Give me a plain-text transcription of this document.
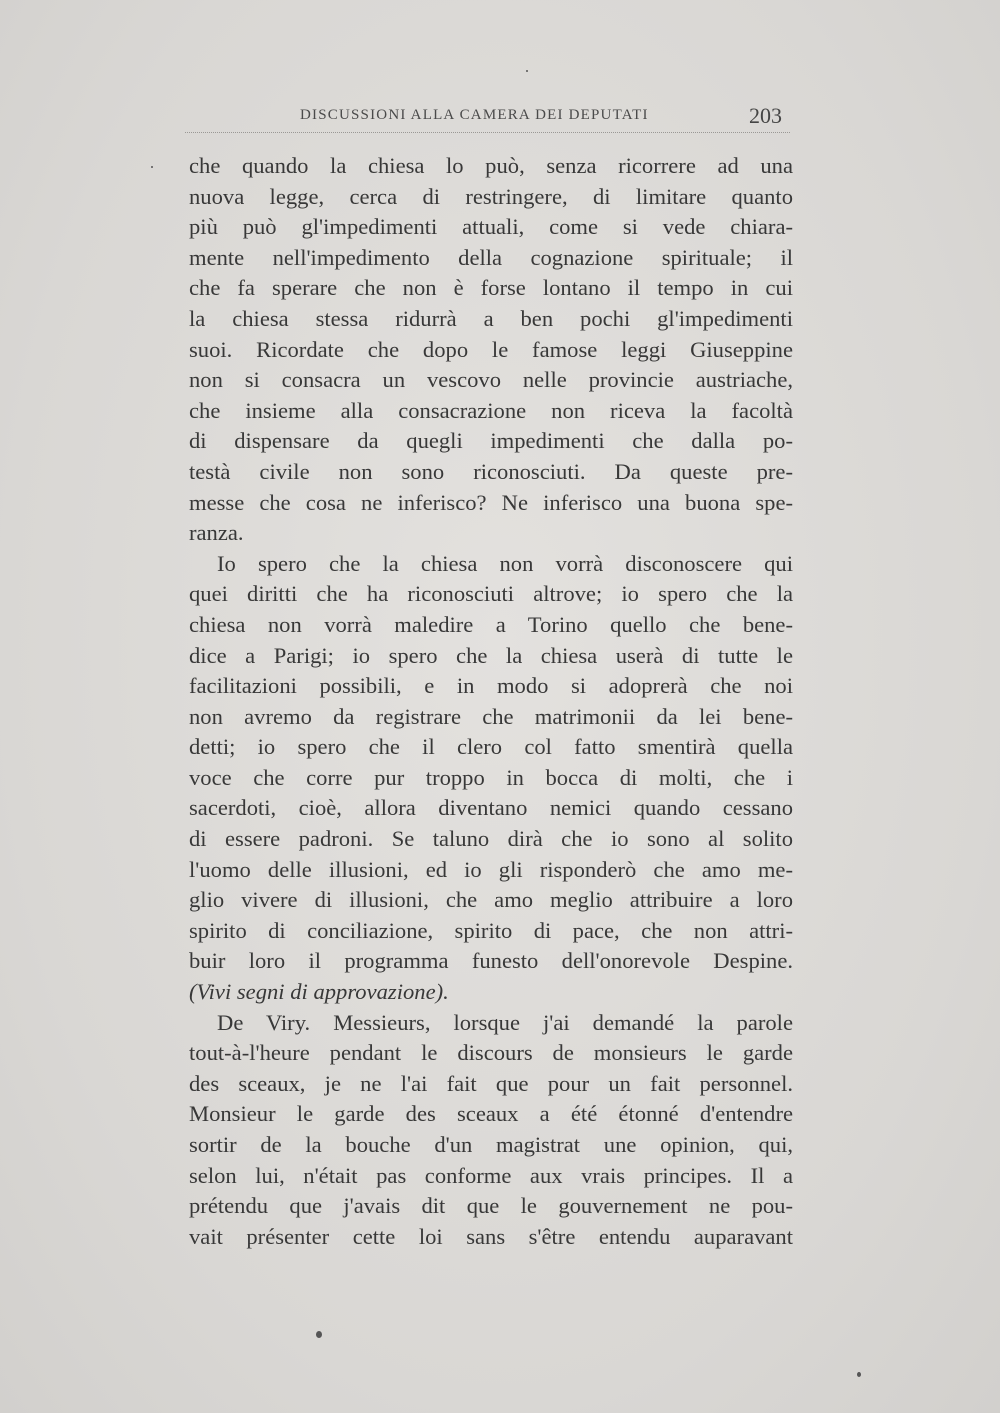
DISCUSSIONI ALLA CAMERA DEI DEPUTATI	203
che quando la chiesa lo può, senza ricorrere ad una
nuova legge, cerca di restringere, di limitare quanto
più può gl'impedimenti attuali, come si vede chiara-
mente nell'impedimento della cognazione spirituale; il
che fa sperare che non è forse lontano il tempo in cui
la chiesa stessa ridurrà a ben pochi gl'impedimenti
suoi. Ricordate che dopo le famose leggi Giuseppine
non si consacra un vescovo nelle provincie austriache,
che insieme alla consacrazione non riceva la facoltà
di dispensare da quegli impedimenti che dalla po-
testà civile non sono riconosciuti. Da queste pre-
messe che cosa ne inferisco? Ne inferisco una buona spe-
ranza.
Io spero che la chiesa non vorrà disconoscere qui
quei diritti che ha riconosciuti altrove; io spero che la
chiesa non vorrà maledire a Torino quello che bene-
dice a Parigi; io spero che la chiesa userà di tutte le
facilitazioni possibili, e in modo si adoprerà che noi
non avremo da registrare che matrimonii da lei bene-
detti; io spero che il clero col fatto smentirà quella
voce che corre pur troppo in bocca di molti, che i
sacerdoti, cioè, allora diventano nemici quando cessano
di essere padroni. Se taluno dirà che io sono al solito
l'uomo delle illusioni, ed io gli risponderò che amo me-
glio vivere di illusioni, che amo meglio attribuire a loro
spirito di conciliazione, spirito di pace, che non attri-
buir loro il programma funesto dell'onorevole Despine.
(Vivi segni di approvazione).
De Viry. Messieurs, lorsque j'ai demandé la parole
tout-à-l'heure pendant le discours de monsieurs le garde
des sceaux, je ne l'ai fait que pour un fait personnel.
Monsieur le garde des sceaux a été étonné d'entendre
sortir de la bouche d'un magistrat une opinion, qui,
selon lui, n'était pas conforme aux vrais principes. Il a
prétendu que j'avais dit que le gouvernement ne pou-
vait présenter cette loi sans s'être entendu auparavant
